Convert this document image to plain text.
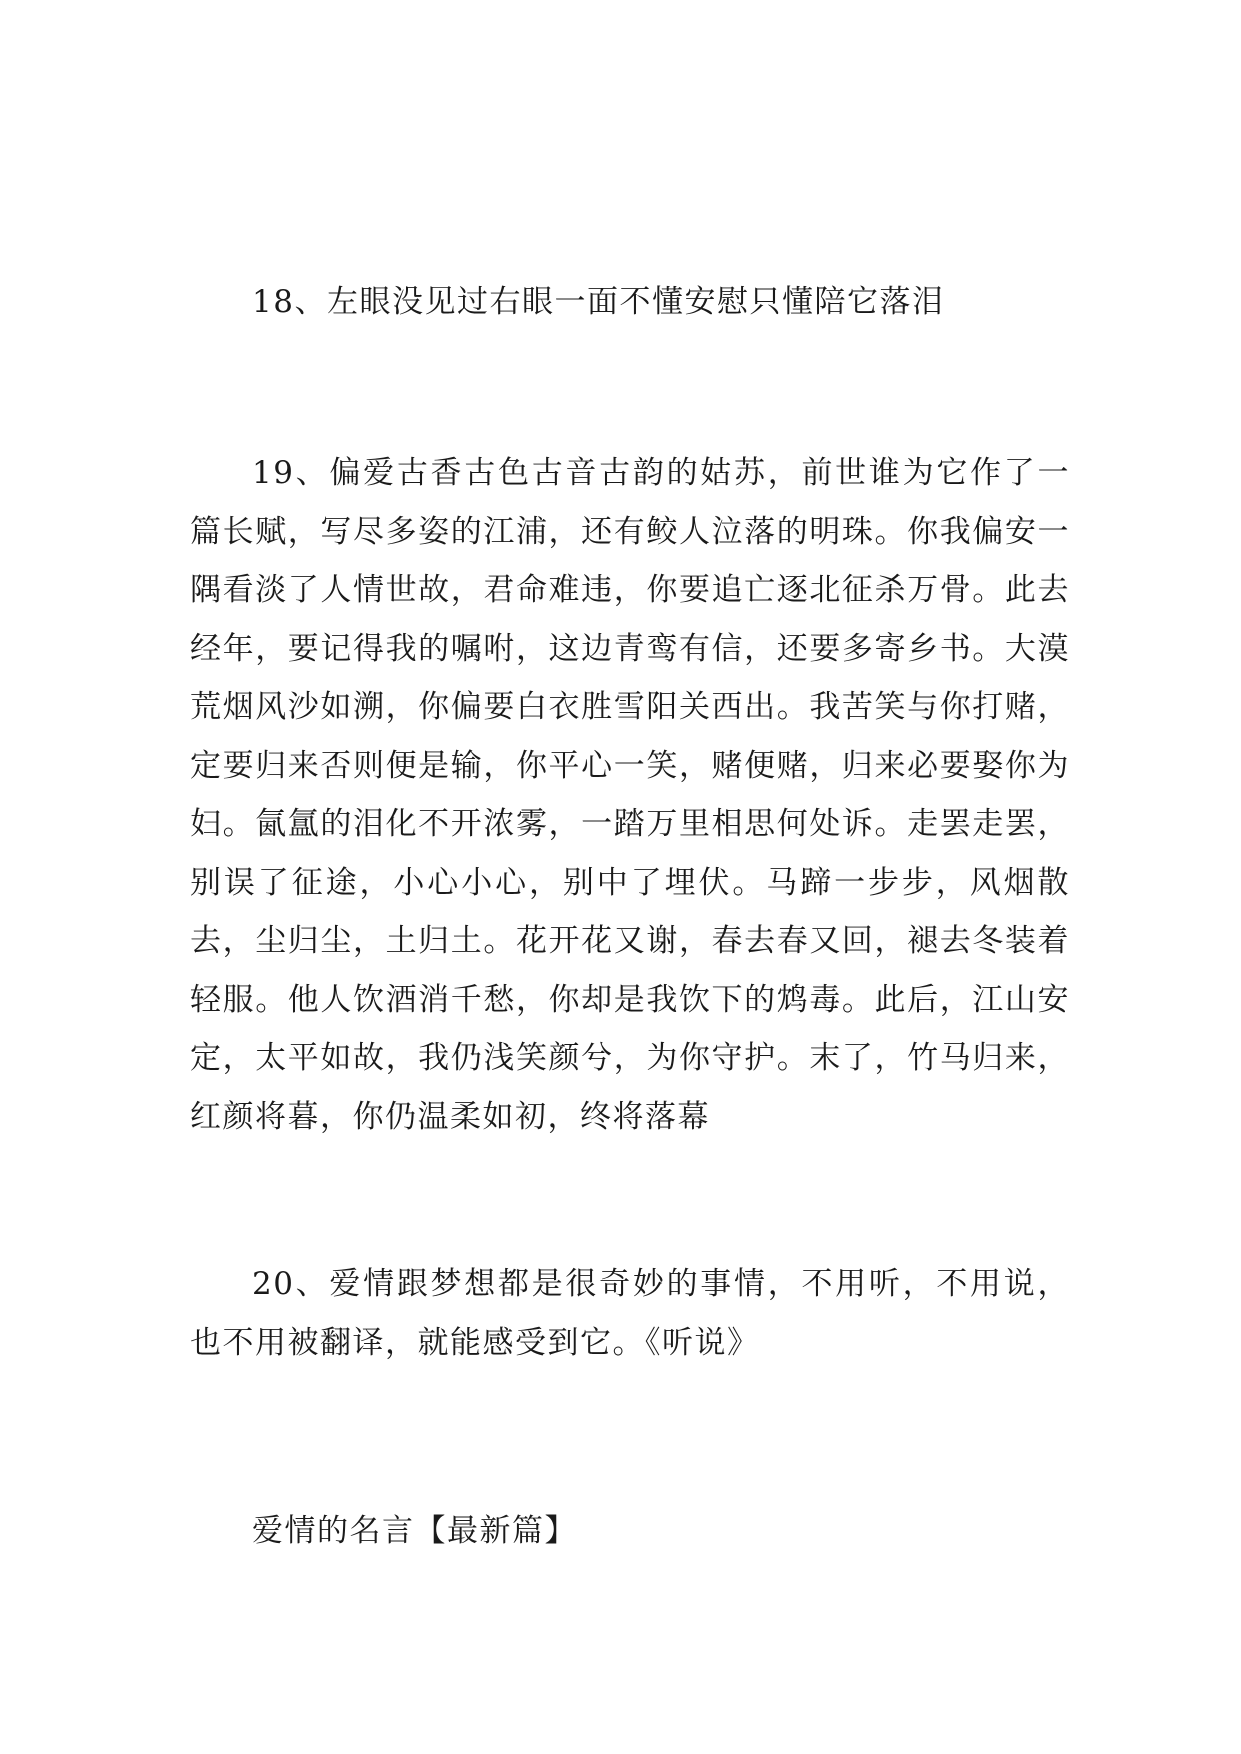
18、左眼没见过右眼一面不懂安慰只懂陪它落泪

19、偏爱古香古色古音古韵的姑苏，前世谁为它作了一篇长赋，写尽多姿的江浦，还有鲛人泣落的明珠。你我偏安一隅看淡了人情世故，君命难违，你要追亡逐北征杀万骨。此去经年，要记得我的嘱咐，这边青鸾有信，还要多寄乡书。大漠荒烟风沙如溯，你偏要白衣胜雪阳关西出。我苦笑与你打赌，定要归来否则便是输，你平心一笑，赌便赌，归来必要娶你为妇。氤氲的泪化不开浓雾，一踏万里相思何处诉。走罢走罢，别误了征途，小心小心，别中了埋伏。马蹄一步步，风烟散去，尘归尘，土归土。花开花又谢，春去春又回，褪去冬装着轻服。他人饮酒消千愁，你却是我饮下的鸩毒。此后，江山安定，太平如故，我仍浅笑颜兮，为你守护。末了，竹马归来，红颜将暮，你仍温柔如初，终将落幕

20、爱情跟梦想都是很奇妙的事情，不用听，不用说，也不用被翻译，就能感受到它。《听说》

爱情的名言【最新篇】
